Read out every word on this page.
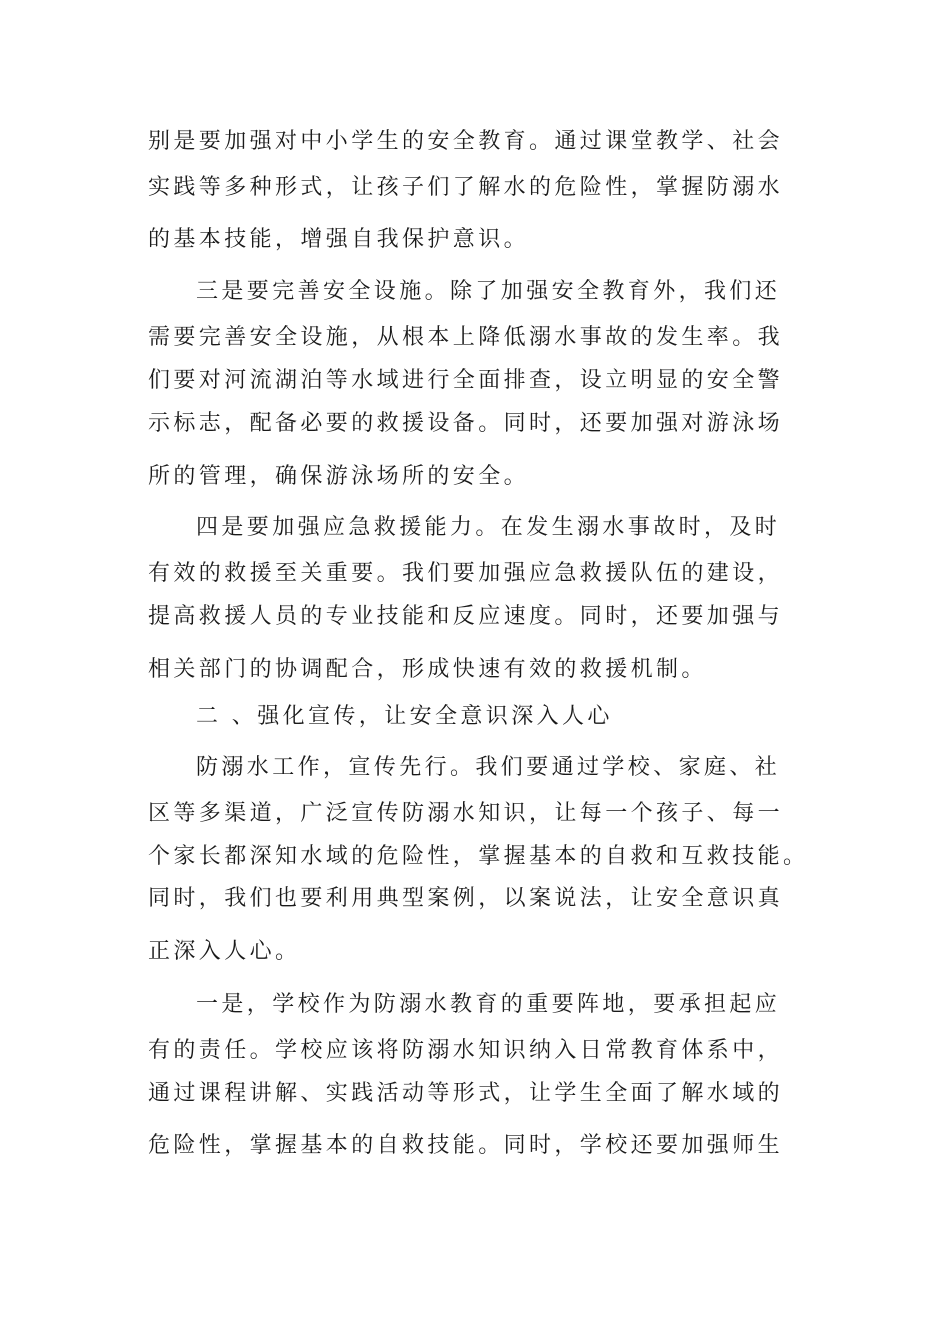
别是要加强对中小学生的安全教育。通过课堂教学、社会
实践等多种形式，让孩子们了解水的危险性，掌握防溺水
的基本技能，增强自我保护意识。
三是要完善安全设施。除了加强安全教育外，我们还
需要完善安全设施，从根本上降低溺水事故的发生率。我
们要对河流湖泊等水域进行全面排查，设立明显的安全警
示标志，配备必要的救援设备。同时，还要加强对游泳场
所的管理，确保游泳场所的安全。
四是要加强应急救援能力。在发生溺水事故时，及时
有效的救援至关重要。我们要加强应急救援队伍的建设，
提高救援人员的专业技能和反应速度。同时，还要加强与
相关部门的协调配合，形成快速有效的救援机制。
二 、强化宣传，让安全意识深入人心
防溺水工作，宣传先行。我们要通过学校、家庭、社
区等多渠道，广泛宣传防溺水知识，让每一个孩子、每一
个家长都深知水域的危险性，掌握基本的自救和互救技能。
同时，我们也要利用典型案例，以案说法，让安全意识真
正深入人心。
一是，学校作为防溺水教育的重要阵地，要承担起应
有的责任。学校应该将防溺水知识纳入日常教育体系中，
通过课程讲解、实践活动等形式，让学生全面了解水域的
危险性，掌握基本的自救技能。同时，学校还要加强师生
